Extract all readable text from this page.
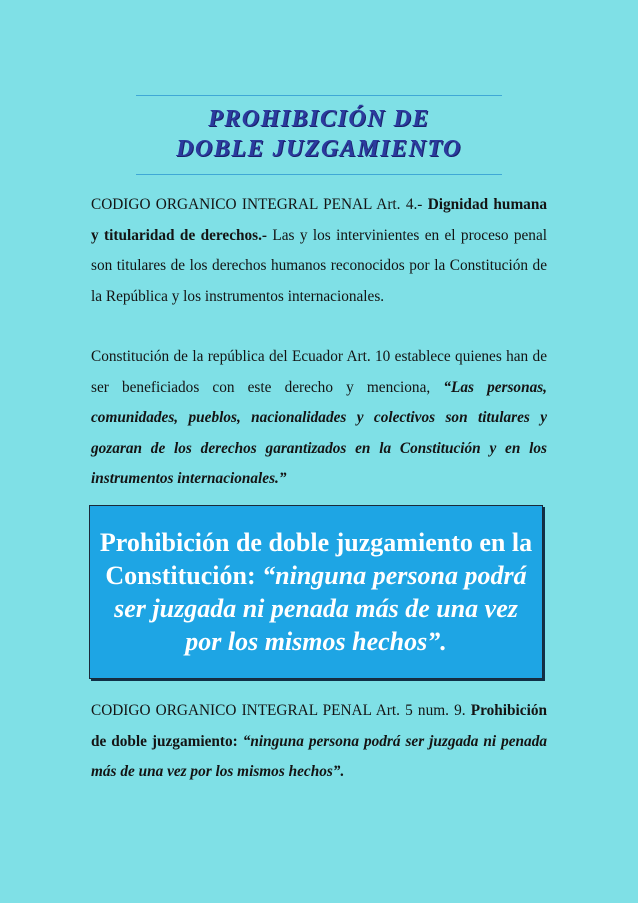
PROHIBICIÓN DE
DOBLE JUZGAMIENTO

CODIGO ORGANICO INTEGRAL PENAL Art. 4.- Dignidad humana y titularidad de derechos.- Las y los intervinientes en el proceso penal son titulares de los derechos humanos reconocidos por la Constitución de la República y los instrumentos internacionales.

Constitución de la república del Ecuador Art. 10 establece quienes han de ser beneficiados con este derecho y menciona, “Las personas, comunidades, pueblos, nacionalidades y colectivos son titulares y gozaran de los derechos garantizados en la Constitución y en los instrumentos internacionales.”

Prohibición de doble juzgamiento en la Constitución: “ninguna persona podrá ser juzgada ni penada más de una vez por los mismos hechos”.

CODIGO ORGANICO INTEGRAL PENAL Art. 5 num. 9. Prohibición de doble juzgamiento: “ninguna persona podrá ser juzgada ni penada más de una vez por los mismos hechos”.
